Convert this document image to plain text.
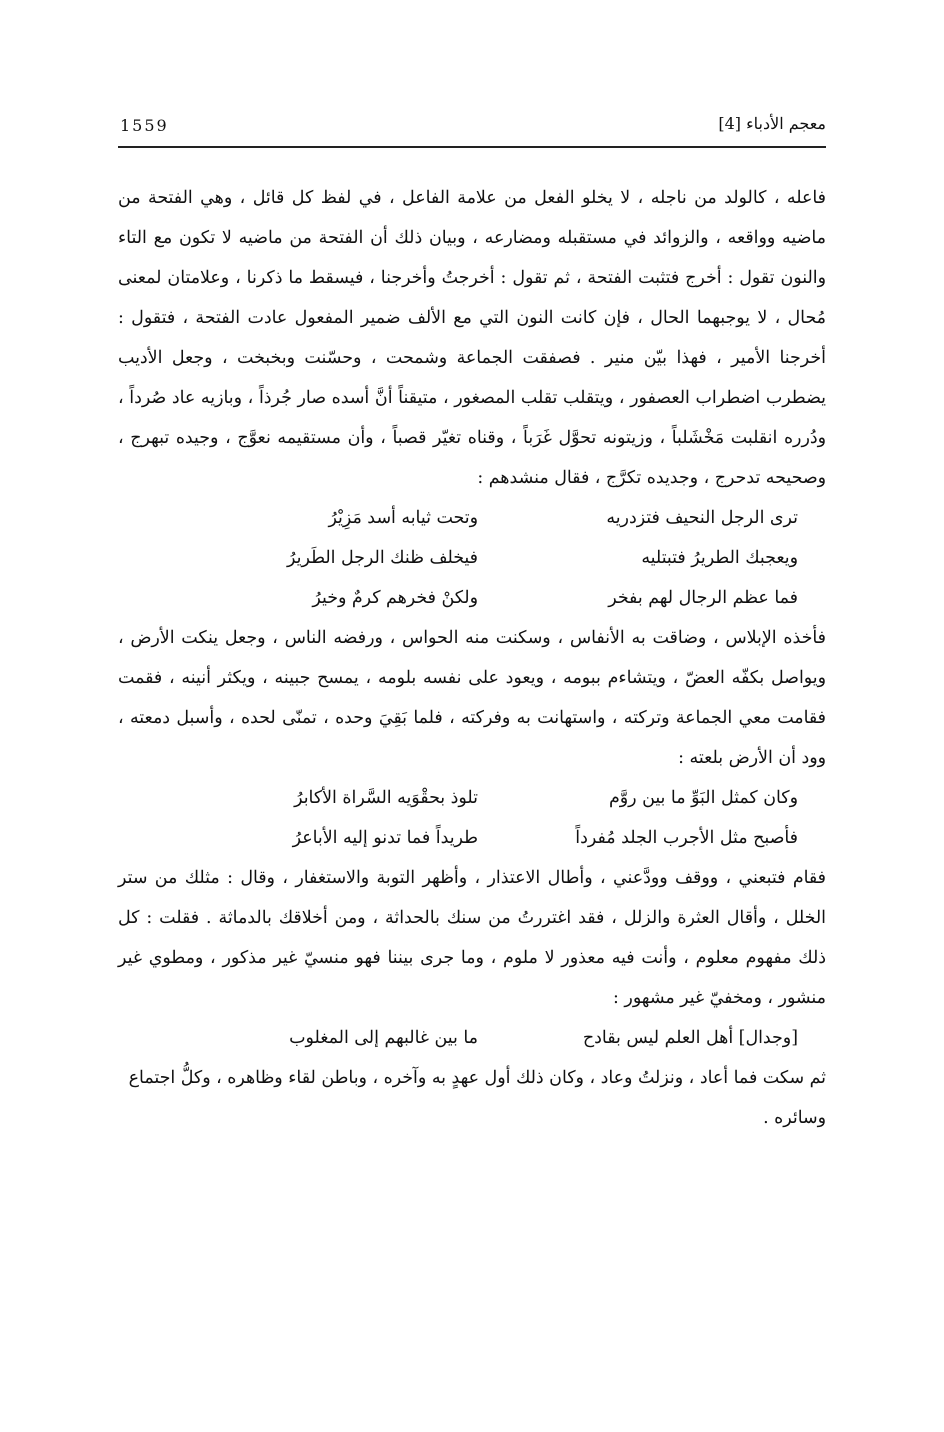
1559	معجم الأدباء [4]

فاعله ، كالولد من ناجله ، لا يخلو الفعل من علامة الفاعل ، في لفظ كل قائل ، وهي الفتحة من ماضيه وواقعه ، والزوائد في مستقبله ومضارعه ، وبيان ذلك أن الفتحة من ماضيه لا تكون مع التاء والنون تقول : أخرج فتثبت الفتحة ، ثم تقول : أخرجتُ وأخرجنا ، فيسقط ما ذكرنا ، وعلامتان لمعنى مُحال ، لا يوجبهما الحال ، فإن كانت النون التي مع الألف ضمير المفعول عادت الفتحة ، فتقول : أخرجنا الأمير ، فهذا بيّن منير . فصفقت الجماعة وشمحت ، وحسّنت وبخبخت ، وجعل الأديب يضطرب اضطراب العصفور ، ويتقلب تقلب المصغور ، متيقناً أنَّ أسده صار جُرذاً ، وبازيه عاد صُرداً ، ودُرره انقلبت مَخْشَلباً ، وزيتونه تحوَّل غَرَباً ، وقناه تغيّر قصباً ، وأن مستقيمه نعوَّج ، وجيده تبهرج ، وصحيحه تدحرج ، وجديده تكرَّج ، فقال منشدهم :

ترى الرجل النحيف فتزدريه
وتحت ثيابه أسد مَزِيْرُ
ويعجبك الطريرُ فتبتليه
فيخلف ظنك الرجل الطَريرُ
فما عظم الرجال لهم بفخر
ولكنْ فخرهم كرمٌ وخيرُ

فأخذه الإبلاس ، وضاقت به الأنفاس ، وسكنت منه الحواس ، ورفضه الناس ، وجعل ينكت الأرض ، ويواصل بكفّه العضّ ، ويتشاءم ببومه ، ويعود على نفسه بلومه ، يمسح جبينه ، ويكثر أنينه ، فقمت فقامت معي الجماعة وتركته ، واستهانت به وفركته ، فلما بَقِيَ وحده ، تمنّى لحده ، وأسبل دمعته ، وود أن الأرض بلعته :

وكان كمثل البَوِّ ما بين روَّم
تلوذ بحقْوَيه السَّراة الأكابرُ
فأصبح مثل الأجرب الجلد مُفرداً
طريداً فما تدنو إليه الأباعرُ

فقام فتبعني ، ووقف وودَّعني ، وأطال الاعتذار ، وأظهر التوبة والاستغفار ، وقال : مثلك من ستر الخلل ، وأقال العثرة والزلل ، فقد اغتررتُ من سنك بالحداثة ، ومن أخلاقك بالدماثة . فقلت : كل ذلك مفهوم معلوم ، وأنت فيه معذور لا ملوم ، وما جرى بيننا فهو منسيّ غير مذكور ، ومطوي غير منشور ، ومخفيّ غير مشهور :

[وجدال] أهل العلم ليس بقادح
ما بين غالبهم إلى المغلوب

ثم سكت فما أعاد ، ونزلتُ وعاد ، وكان ذلك أول عهدٍ به وآخره ، وباطن لقاء وظاهره ، وكلُّ اجتماع وسائره .
